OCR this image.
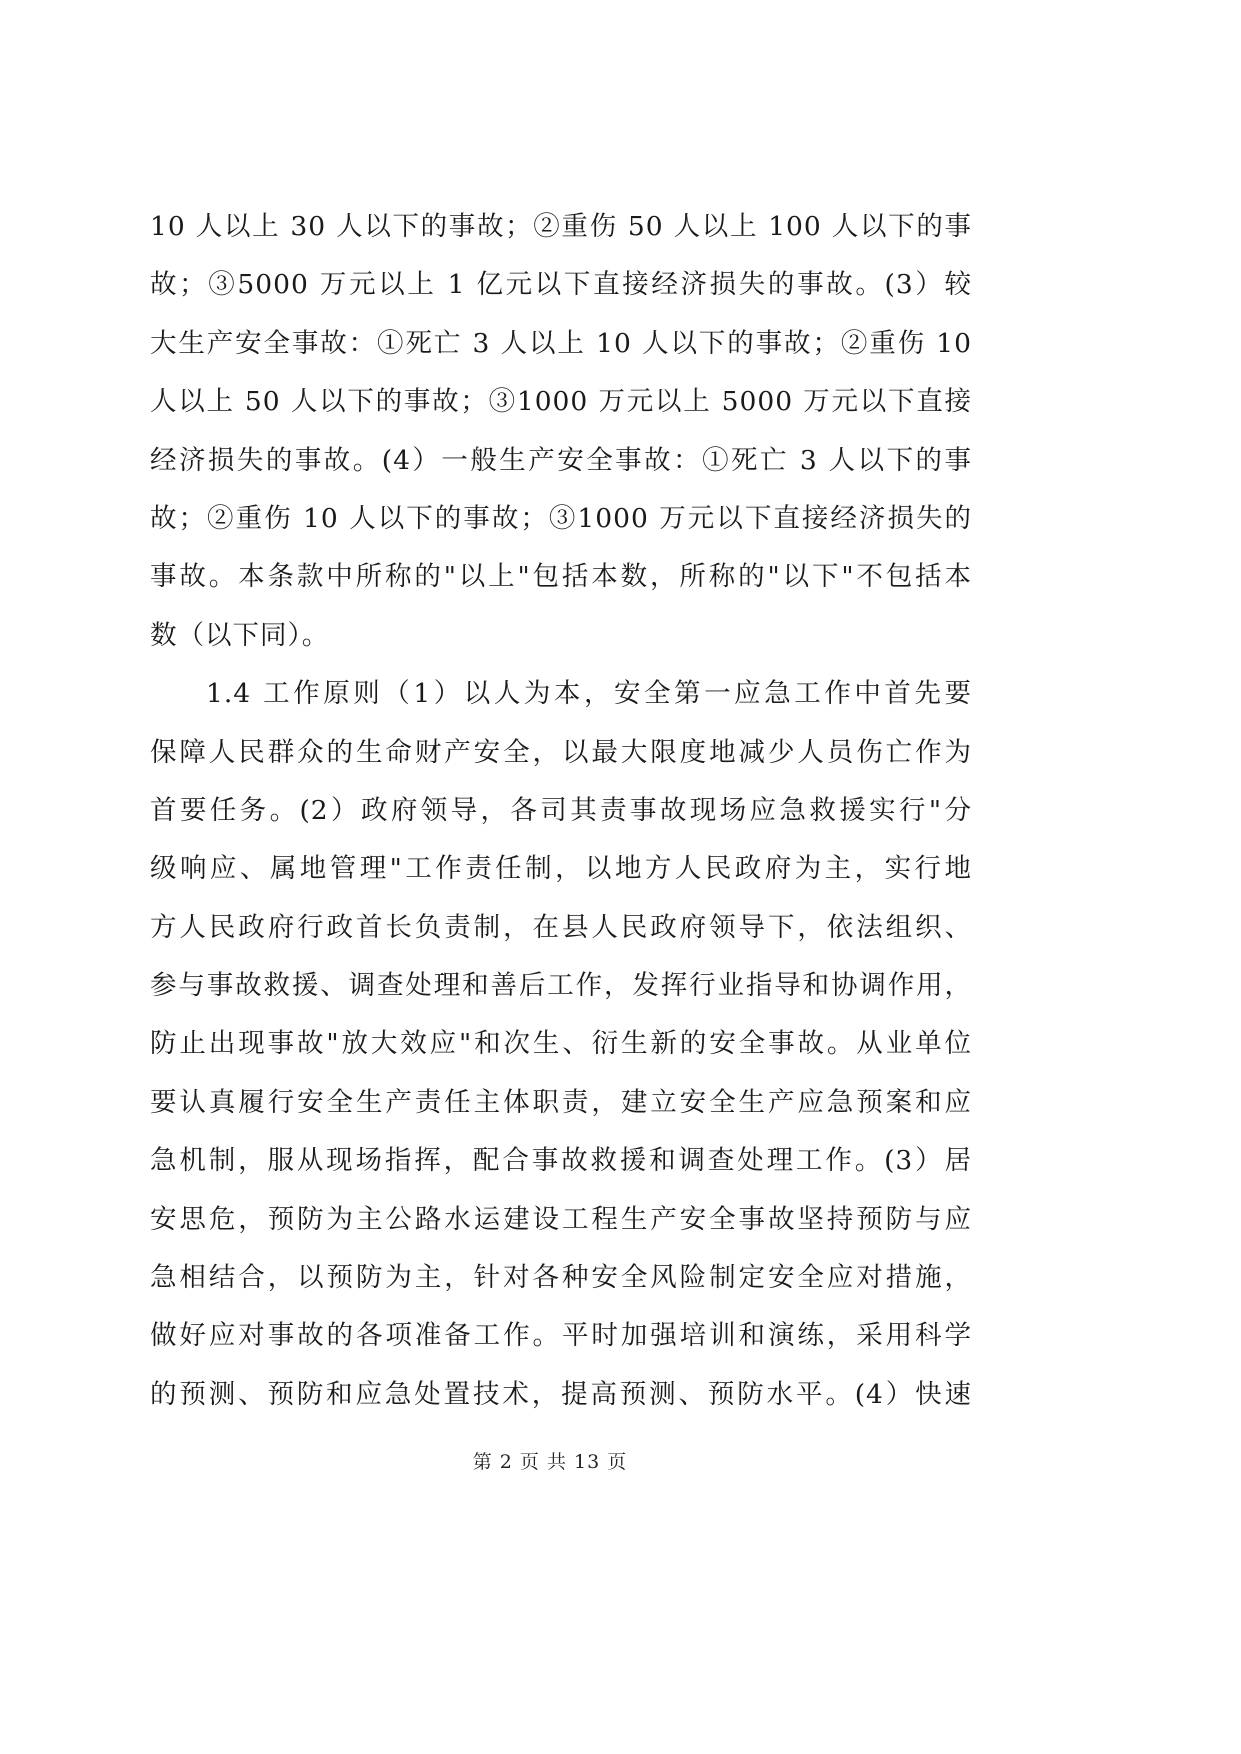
10 人以上 30 人以下的事故；②重伤 50 人以上 100 人以下的事
故；③5000 万元以上 1 亿元以下直接经济损失的事故。(3）较
大生产安全事故：①死亡 3 人以上 10 人以下的事故；②重伤 10
人以上 50 人以下的事故；③1000 万元以上 5000 万元以下直接
经济损失的事故。(4）一般生产安全事故：①死亡 3 人以下的事
故；②重伤 10 人以下的事故；③1000 万元以下直接经济损失的
事故。本条款中所称的"以上"包括本数，所称的"以下"不包括本
数（以下同）。
1.4 工作原则（1）以人为本，安全第一应急工作中首先要
保障人民群众的生命财产安全，以最大限度地减少人员伤亡作为
首要任务。(2）政府领导，各司其责事故现场应急救援实行"分
级响应、属地管理"工作责任制，以地方人民政府为主，实行地
方人民政府行政首长负责制，在县人民政府领导下，依法组织、
参与事故救援、调查处理和善后工作，发挥行业指导和协调作用，
防止出现事故"放大效应"和次生、衍生新的安全事故。从业单位
要认真履行安全生产责任主体职责，建立安全生产应急预案和应
急机制，服从现场指挥，配合事故救援和调查处理工作。(3）居
安思危，预防为主公路水运建设工程生产安全事故坚持预防与应
急相结合，以预防为主，针对各种安全风险制定安全应对措施，
做好应对事故的各项准备工作。平时加强培训和演练，采用科学
的预测、预防和应急处置技术，提高预测、预防水平。(4）快速
第 2 页 共 13 页
